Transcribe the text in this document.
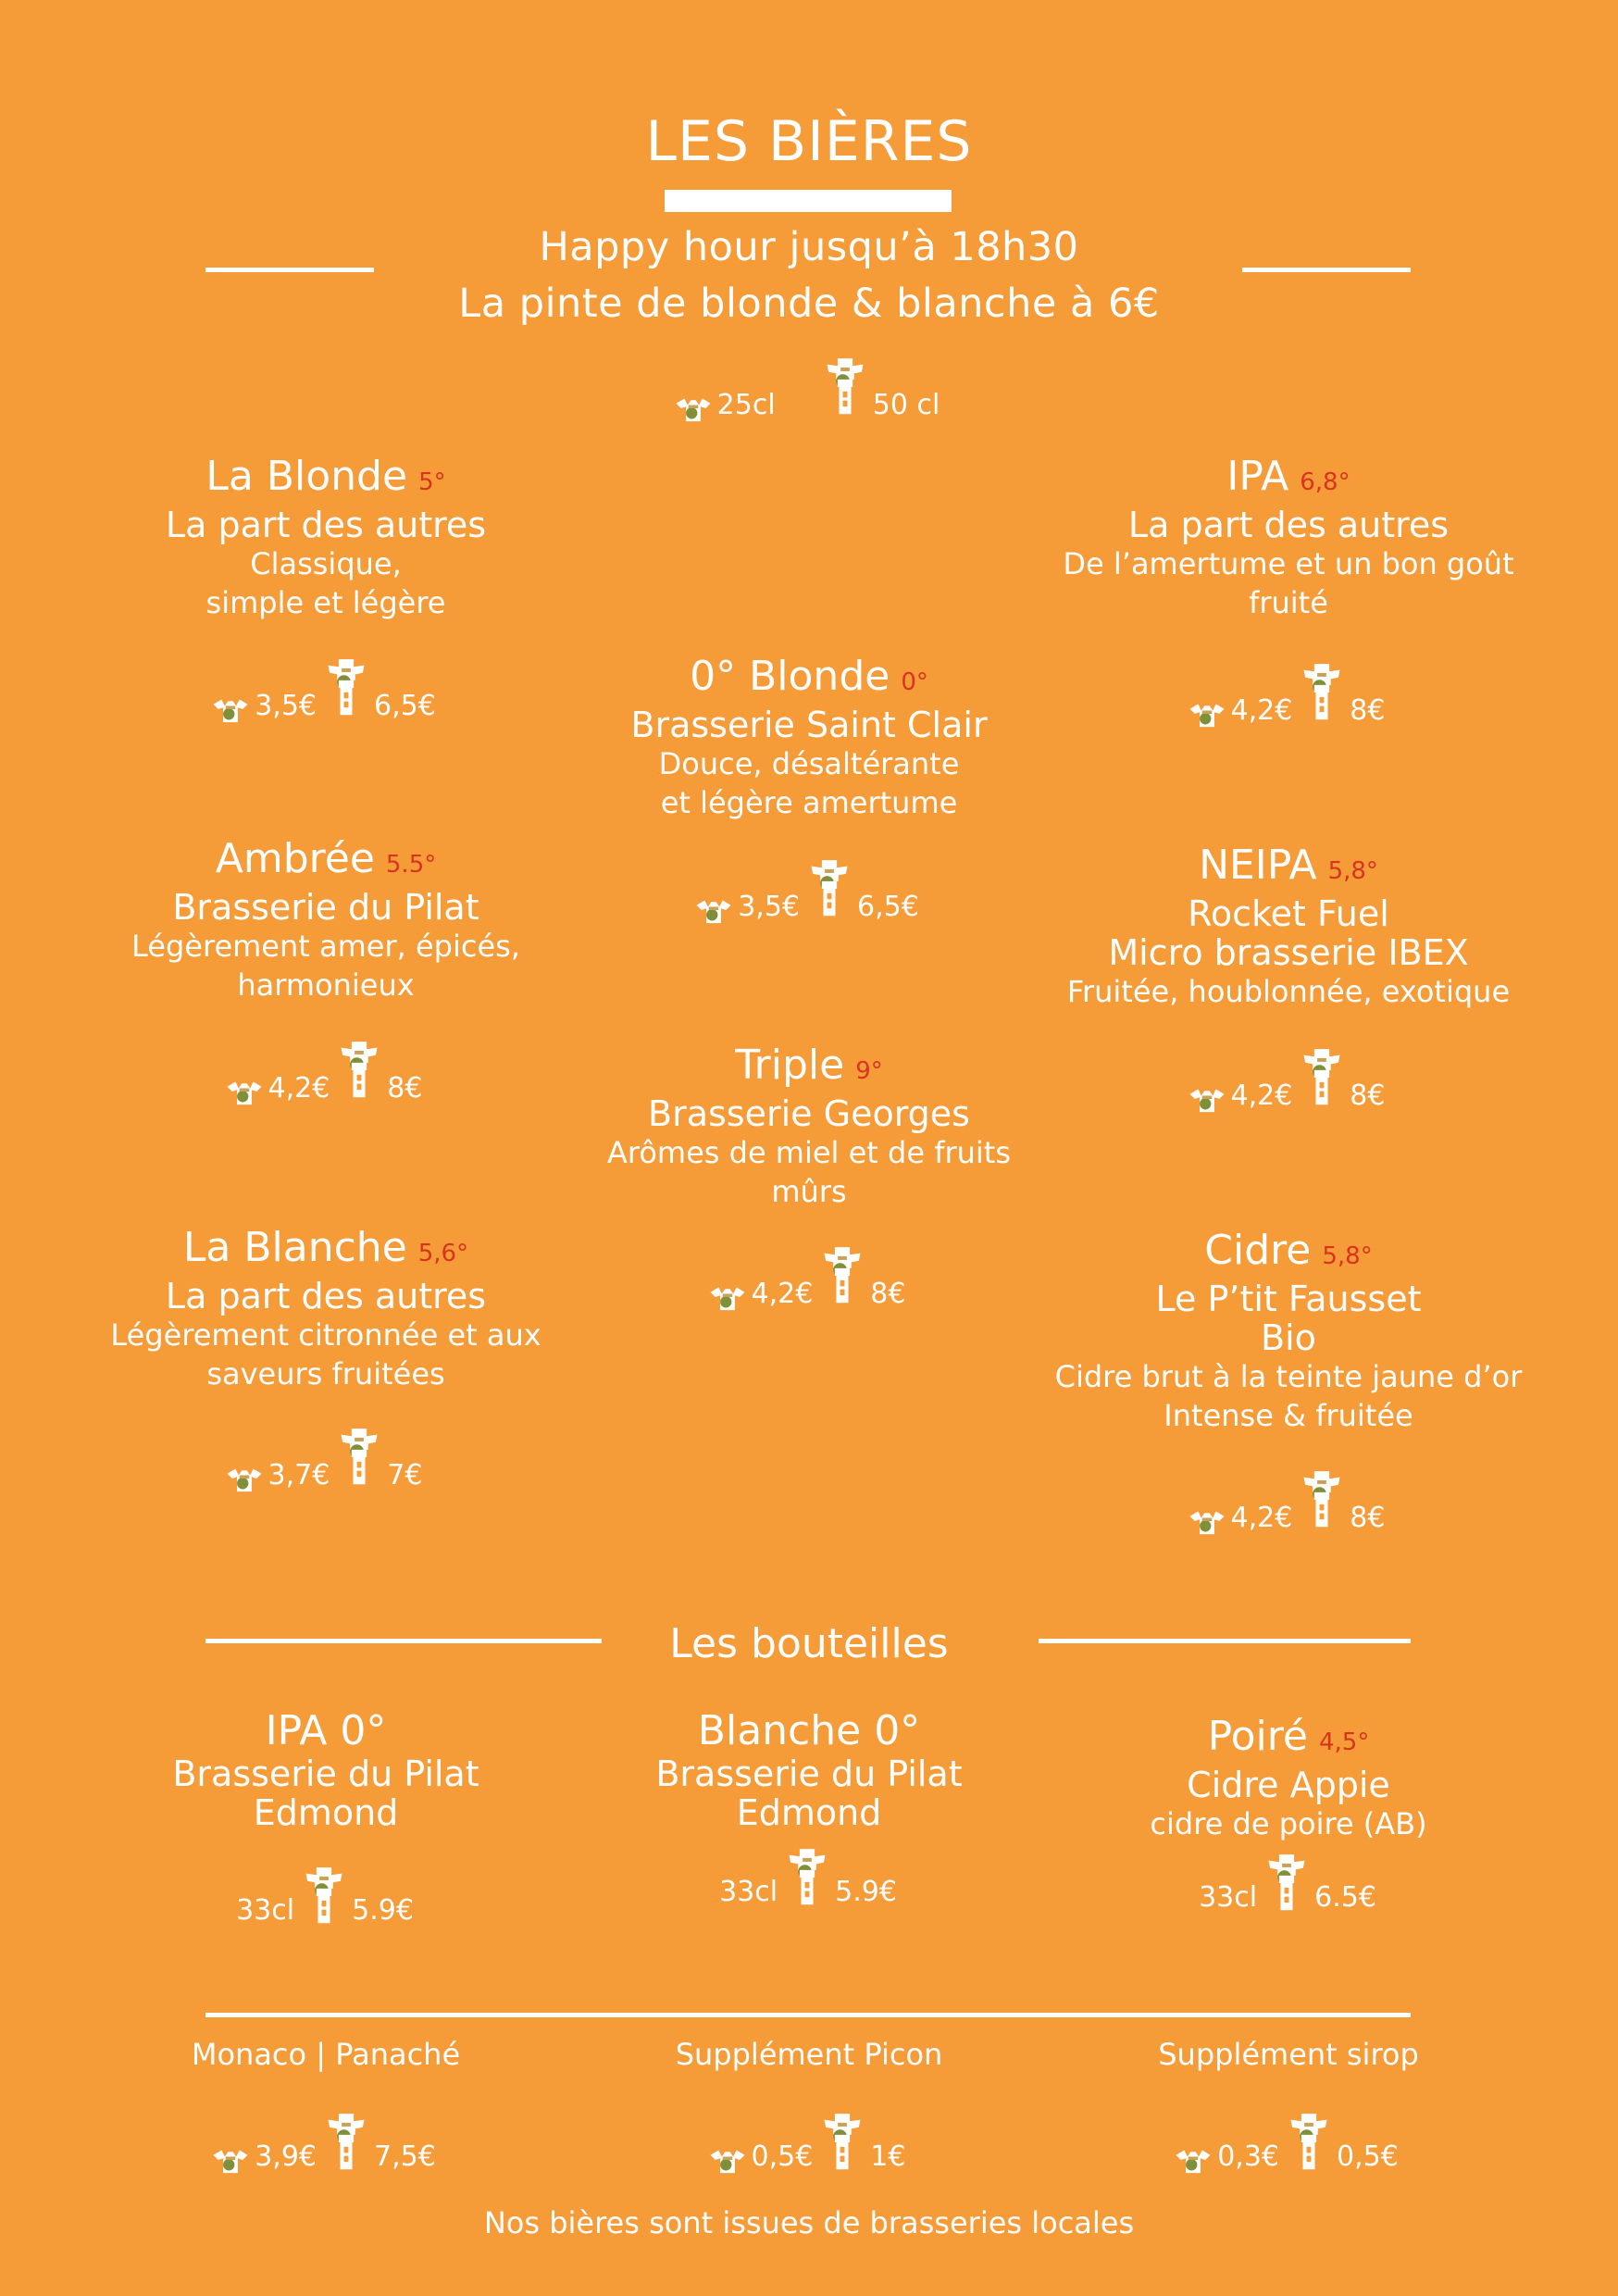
LES BIÈRES
Happy hour jusqu’à 18h30
La pinte de blonde & blanche à 6€
25cl	50 cl
La Blonde 5°
La part des autres
Classique,
simple et légère
3,5€ 6,5€
IPA 6,8°
La part des autres
De l’amertume et un bon goût
fruité
4,2€ 8€
0° Blonde 0°
Brasserie Saint Clair
Douce, désaltérante
et légère amertume
3,5€ 6,5€
Ambrée 5.5°
Brasserie du Pilat
Légèrement amer, épicés,
harmonieux
4,2€ 8€
NEIPA 5,8°
Rocket Fuel
Micro brasserie IBEX
Fruitée, houblonnée, exotique
4,2€ 8€
Triple 9°
Brasserie Georges
Arômes de miel et de fruits
mûrs
4,2€ 8€
La Blanche 5,6°
La part des autres
Légèrement citronnée et aux
saveurs fruitées
3,7€ 7€
Cidre 5,8°
Le P’tit Fausset
Bio
Cidre brut à la teinte jaune d’or
Intense & fruitée
4,2€ 8€
Les bouteilles
IPA 0°
Brasserie du Pilat
Edmond
33cl 5.9€
Blanche 0°
Brasserie du Pilat
Edmond
33cl 5.9€
Poiré 4,5°
Cidre Appie
cidre de poire (AB)
33cl 6.5€
Monaco | Panaché
3,9€ 7,5€
Supplément Picon
0,5€ 1€
Supplément sirop
0,3€ 0,5€
Nos bières sont issues de brasseries locales
